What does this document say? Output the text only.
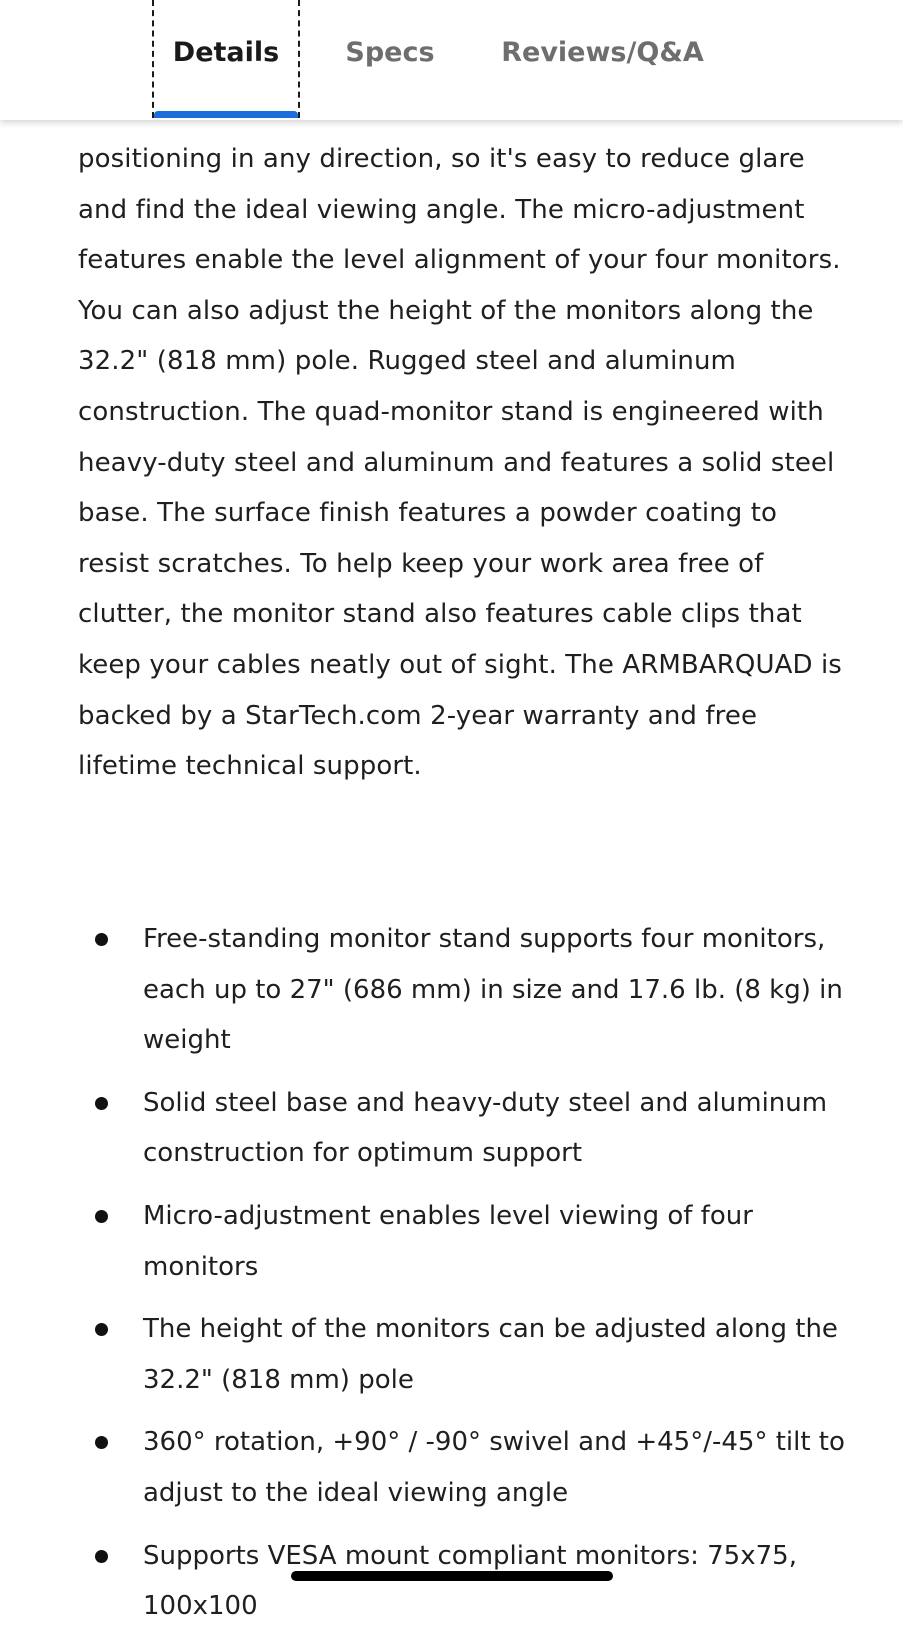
positioning in any direction, so it's easy to reduce glare and find the ideal viewing angle. The micro-adjustment features enable the level alignment of your four monitors. You can also adjust the height of the monitors along the 32.2" (818 mm) pole. Rugged steel and aluminum construction. The quad-monitor stand is engineered with heavy-duty steel and aluminum and features a solid steel base. The surface finish features a powder coating to resist scratches. To help keep your work area free of clutter, the monitor stand also features cable clips that keep your cables neatly out of sight. The ARMBARQUAD is backed by a StarTech.com 2-year warranty and free lifetime technical support.

Free-standing monitor stand supports four monitors, each up to 27" (686 mm) in size and 17.6 lb. (8 kg) in weight
Solid steel base and heavy-duty steel and aluminum construction for optimum support
Micro-adjustment enables level viewing of four monitors
The height of the monitors can be adjusted along the 32.2" (818 mm) pole
360° rotation, +90° / -90° swivel and +45°/-45° tilt to adjust to the ideal viewing angle
Supports VESA mount compliant monitors: 75x75, 100x100
Details Specs Reviews/Q&A
